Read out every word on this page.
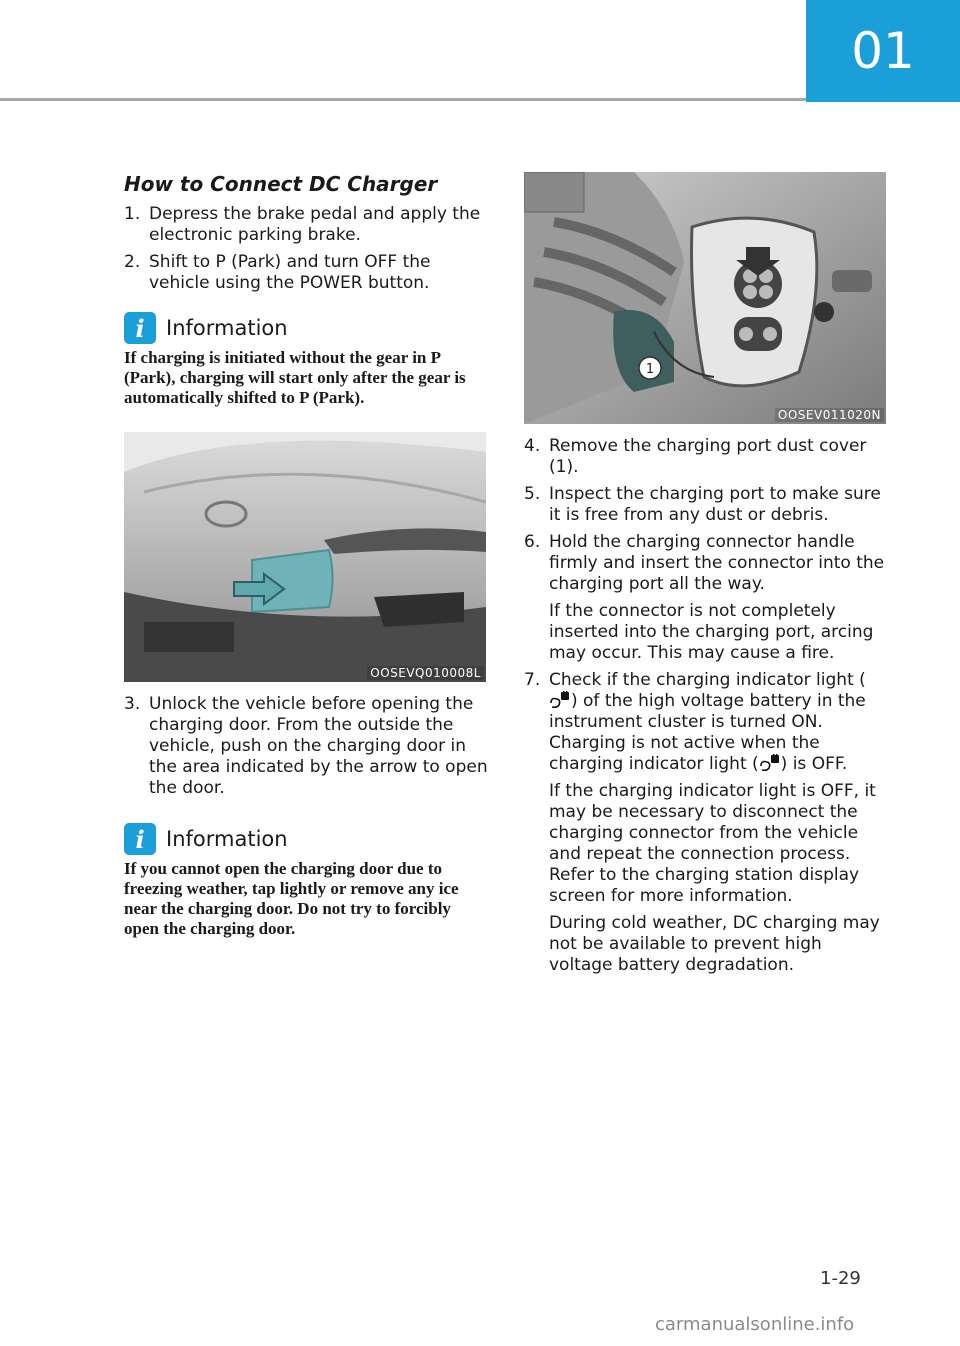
01
How to Connect DC Charger
1. Depress the brake pedal and apply the electronic parking brake.

2. Shift to P (Park) and turn OFF the vehicle using the POWER button.

i	Information

If charging is initiated without the gear in P (Park), charging will start only after the gear is automatically shifted to P (Park).

OOSEVQ010008L
3. Unlock the vehicle before opening the charging door. From the outside the vehicle, push on the charging door in the area indicated by the arrow to open the door.

i	Information

If you cannot open the charging door due to freezing weather, tap lightly or remove any ice near the charging door. Do not try to forcibly open the charging door.

1
OOSEV011020N
4. Remove the charging port dust cover (1).

5. Inspect the charging port to make sure it is free from any dust or debris.

6. Hold the charging connector handle firmly and insert the connector into the charging port all the way.

If the connector is not completely inserted into the charging port, arcing may occur. This may cause a fire.

7. Check if the charging indicator light () of the high voltage battery in the instrument cluster is turned ON. Charging is not active when the charging indicator light ( ) is OFF.

If the charging indicator light is OFF, it may be necessary to disconnect the charging connector from the vehicle and repeat the connection process. Refer to the charging station display screen for more information.

During cold weather, DC charging may not be available to prevent high voltage battery degradation.

1-29
carmanualsonline.info
